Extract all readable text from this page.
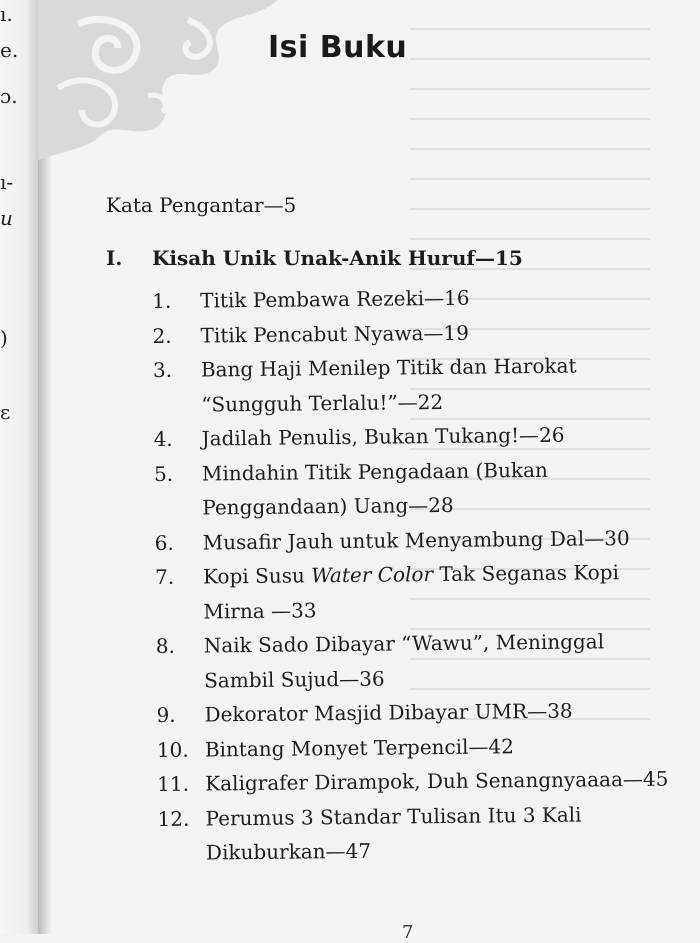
ı.
e.
ɔ.
ı-
u
)
ɛ
Isi Buku
Kata Pengantar—5
I. Kisah Unik Unak-Anik Huruf—15
1.	Titik Pembawa Rezeki—16
2.	Titik Pencabut Nyawa—19
3.	Bang Haji Menilep Titik dan Harokat
“Sungguh Terlalu!”—22
4.	Jadilah Penulis, Bukan Tukang!—26
5.	Mindahin Titik Pengadaan (Bukan
Penggandaan) Uang—28
6.	Musafir Jauh untuk Menyambung Dal—30
7.	Kopi Susu Water Color Tak Seganas Kopi
Mirna —33
8.	Naik Sado Dibayar “Wawu”, Meninggal
Sambil Sujud—36
9.	Dekorator Masjid Dibayar UMR—38
10. Bintang Monyet Terpencil—42
11. Kaligrafer Dirampok, Duh Senangnyaaaa—45
12. Perumus 3 Standar Tulisan Itu 3 Kali
Dikuburkan—47
7
